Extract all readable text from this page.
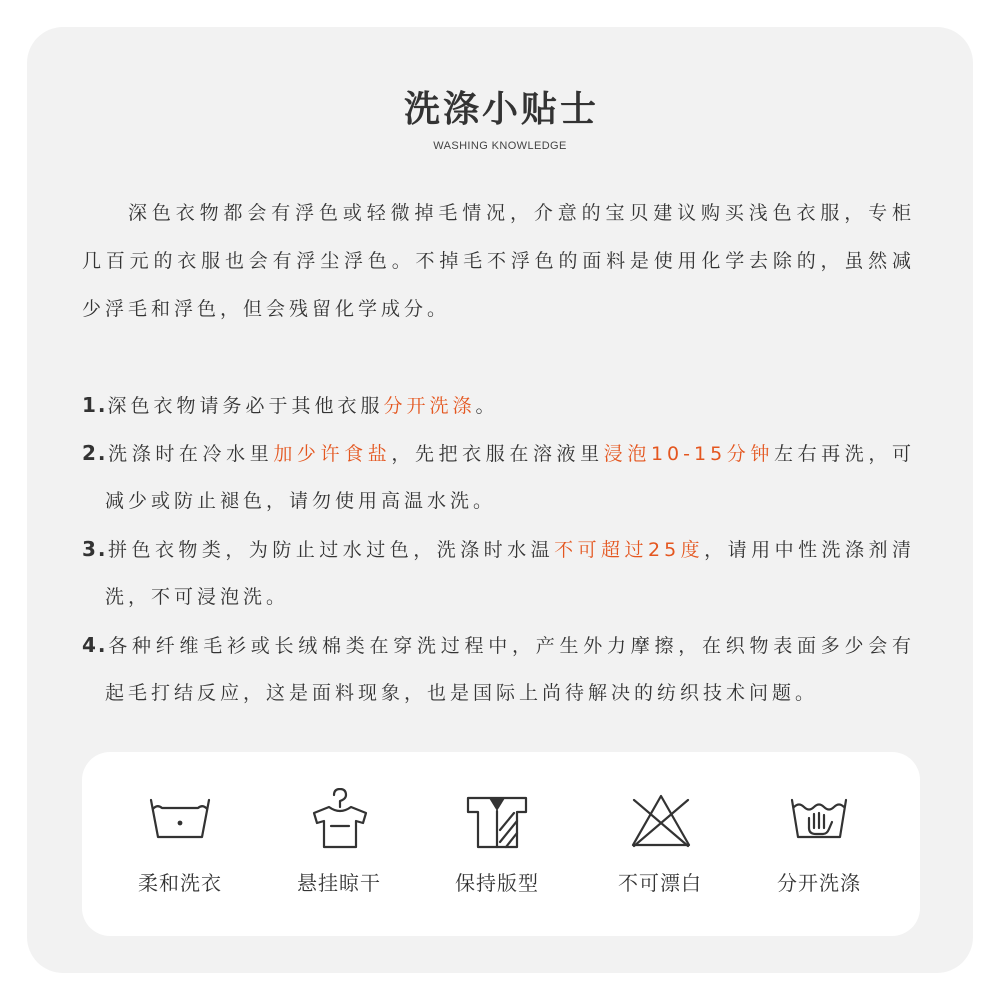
洗涤小贴士
WASHING KNOWLEDGE
深色衣物都会有浮色或轻微掉毛情况，介意的宝贝建议购买浅色衣服，专柜
几百元的衣服也会有浮尘浮色。不掉毛不浮色的面料是使用化学去除的，虽然减
少浮毛和浮色，但会残留化学成分。
1.深色衣物请务必于其他衣服分开洗涤。
2.洗涤时在冷水里加少许食盐，先把衣服在溶液里浸泡10-15分钟左右再洗，可
减少或防止褪色，请勿使用高温水洗。
3.拼色衣物类，为防止过水过色，洗涤时水温不可超过25度，请用中性洗涤剂清
洗，不可浸泡洗。
4.各种纤维毛衫或长绒棉类在穿洗过程中，产生外力摩擦，在织物表面多少会有
起毛打结反应，这是面料现象，也是国际上尚待解决的纺织技术问题。
柔和洗衣	悬挂晾干	保持版型	不可漂白	分开洗涤
